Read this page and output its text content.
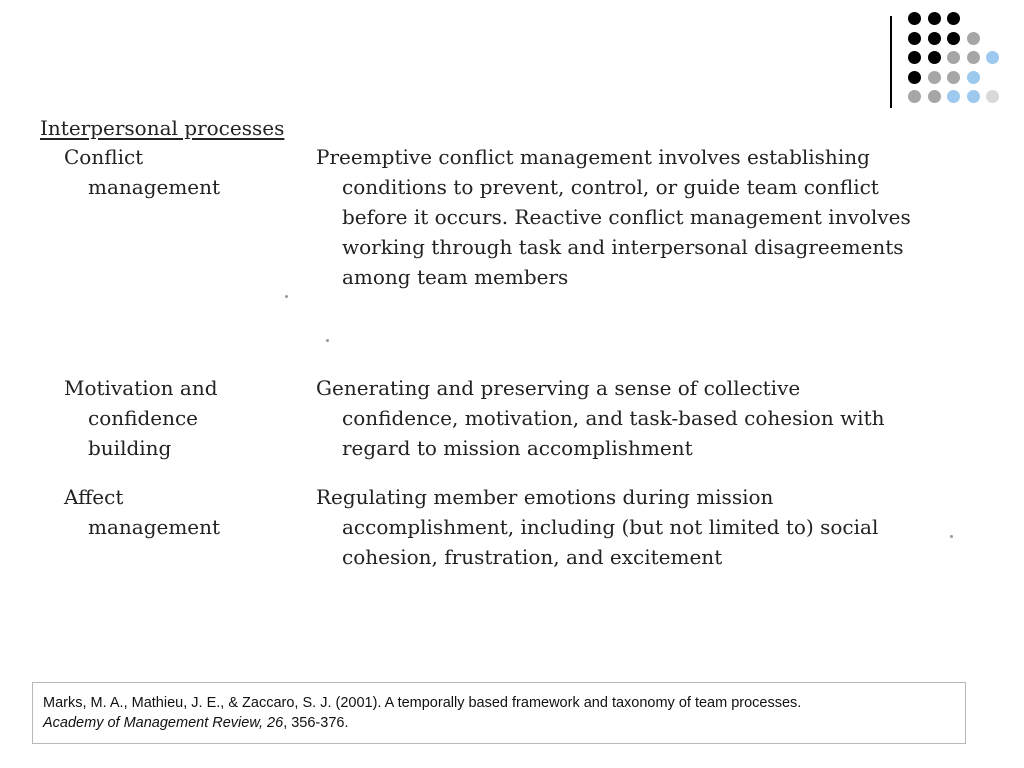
Interpersonal processes
Conflict
management
Preemptive conflict management involves establishing
conditions to prevent, control, or guide team conflict
before it occurs. Reactive conflict management involves
working through task and interpersonal disagreements
among team members
Motivation and
confidence
building
Generating and preserving a sense of collective
confidence, motivation, and task-based cohesion with
regard to mission accomplishment
Affect
management
Regulating member emotions during mission
accomplishment, including (but not limited to) social
cohesion, frustration, and excitement
Marks, M. A., Mathieu, J. E., & Zaccaro, S. J. (2001). A temporally based framework and taxonomy of team processes.
Academy of Management Review, 26, 356-376.
